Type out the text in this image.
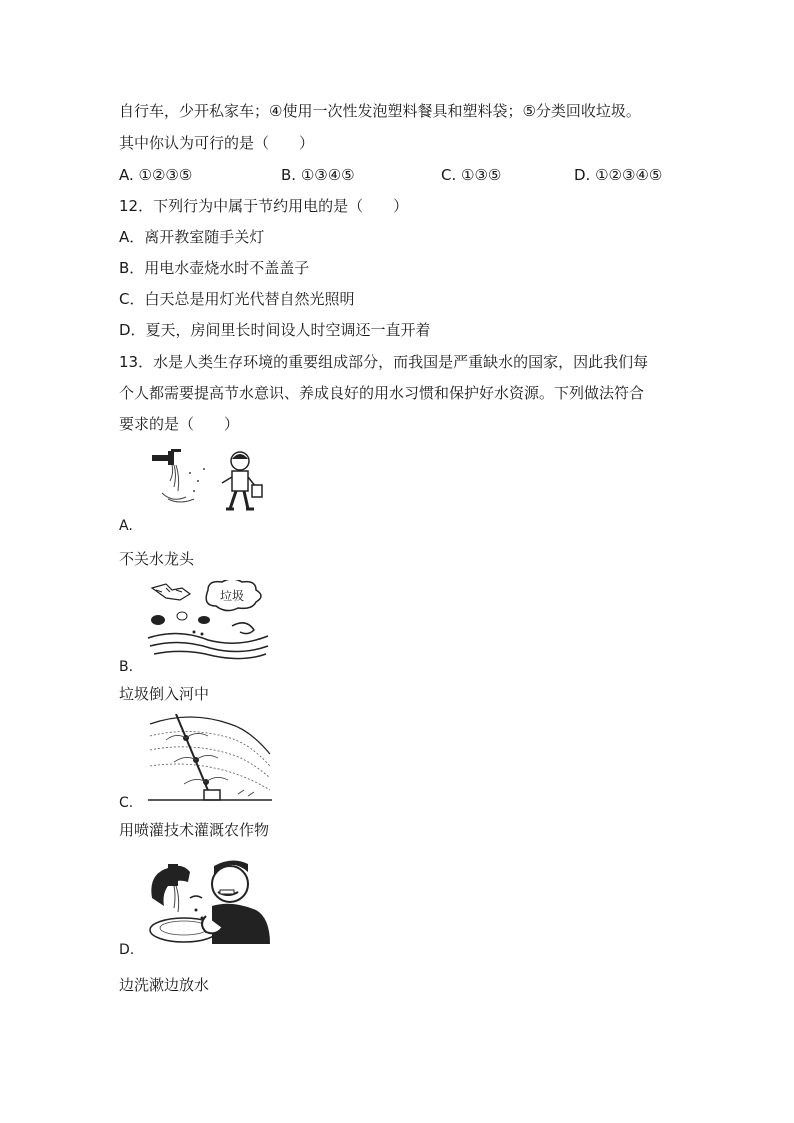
自行车，少开私家车；④使用一次性发泡塑料餐具和塑料袋；⑤分类回收垃圾。
其中你认为可行的是（　　）
A. ①②③⑤	B. ①③④⑤	C. ①③⑤	D. ①②③④⑤
12．下列行为中属于节约用电的是（　　）
A．离开教室随手关灯
B．用电水壶烧水时不盖盖子
C．白天总是用灯光代替自然光照明
D．夏天，房间里长时间设人时空调还一直开着
13．水是人类生存环境的重要组成部分，而我国是严重缺水的国家，因此我们每
个人都需要提高节水意识、养成良好的用水习惯和保护好水资源。下列做法符合
要求的是（　　）
A.
不关水龙头
垃圾
B.
垃圾倒入河中
C.
用喷灌技术灌溉农作物
D.
边洗漱边放水
